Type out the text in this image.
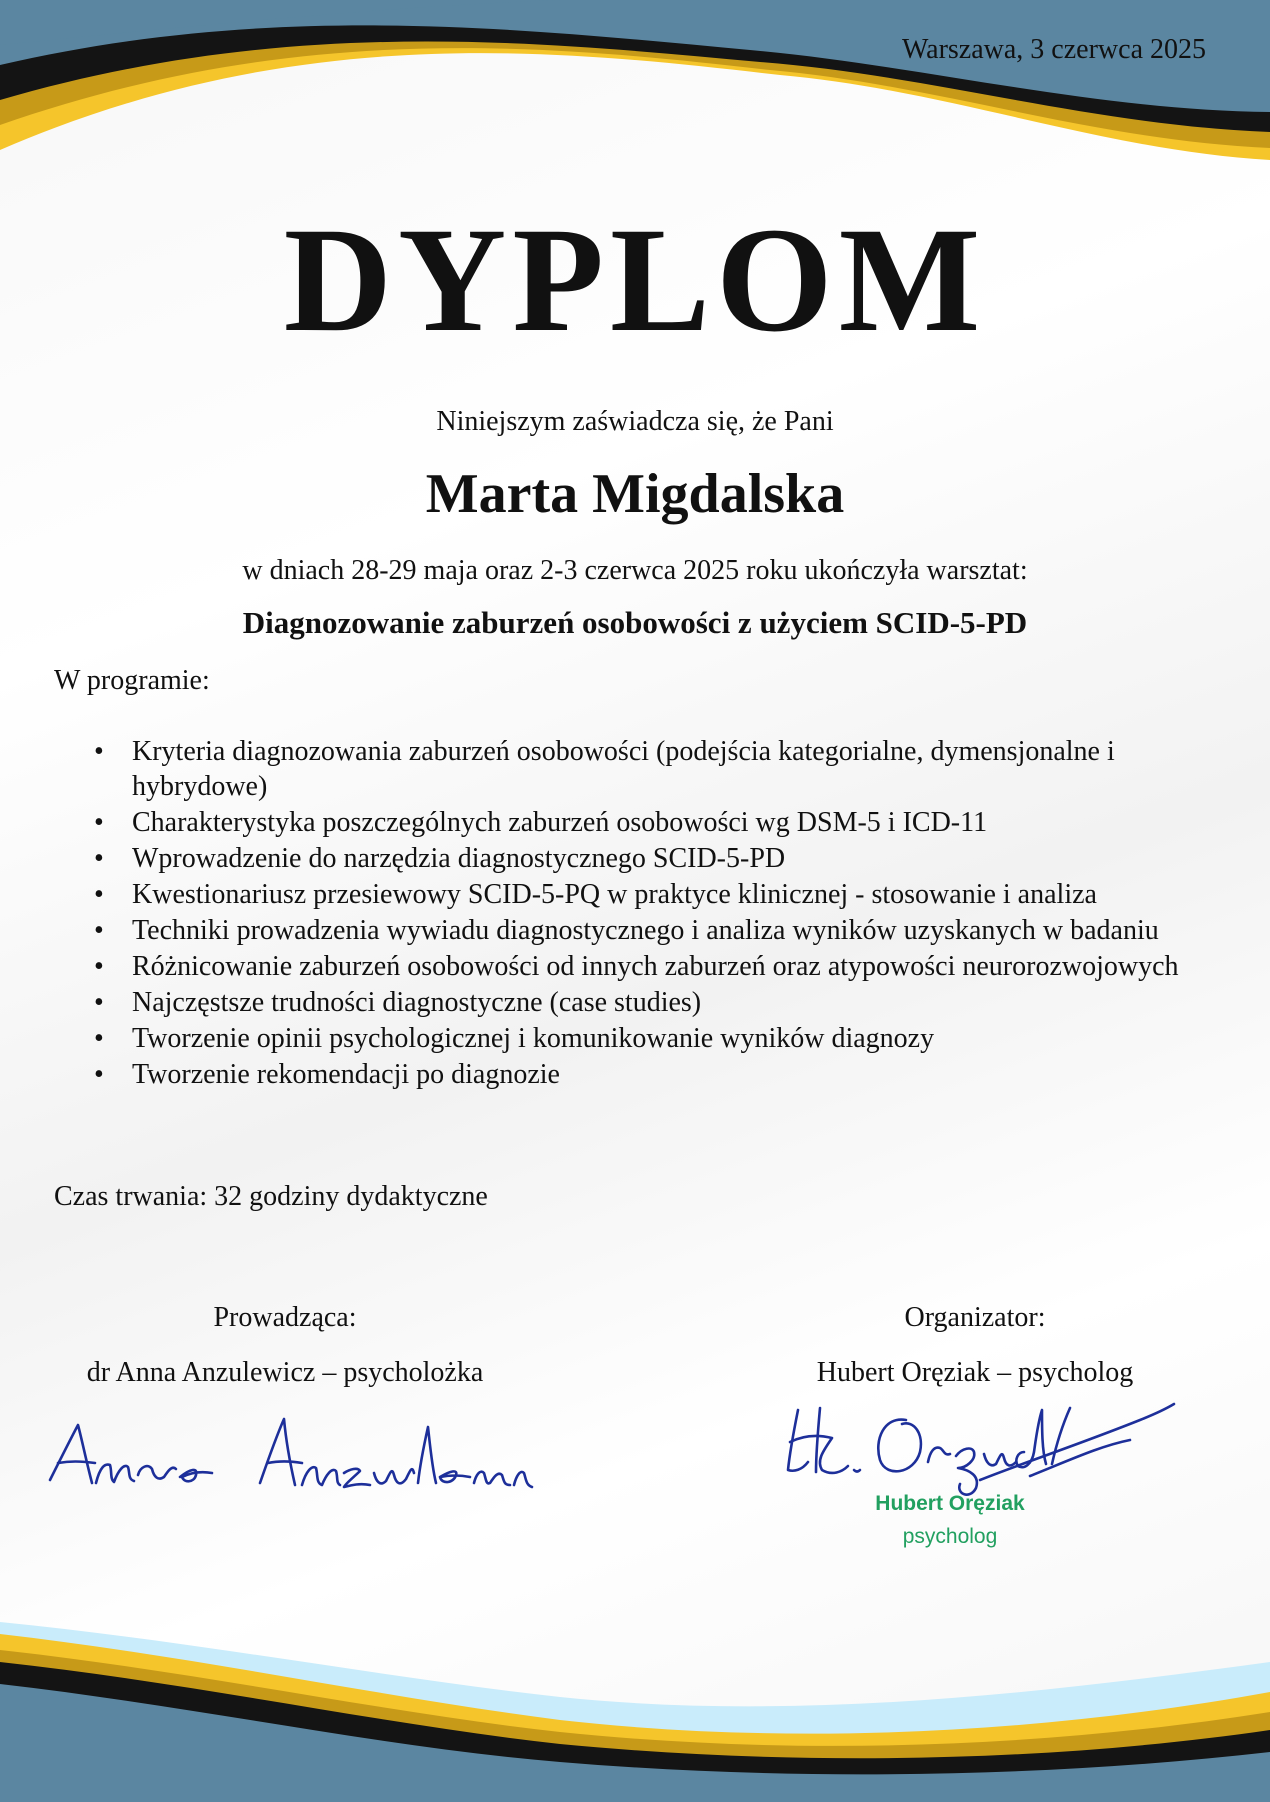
Warszawa, 3 czerwca 2025
DYPLOM
Niniejszym zaświadcza się, że Pani
Marta Migdalska
w dniach 28-29 maja oraz 2-3 czerwca 2025 roku ukończyła warsztat:
Diagnozowanie zaburzeń osobowości z użyciem SCID-5-PD
W programie:
• Kryteria diagnozowania zaburzeń osobowości (podejścia kategorialne, dymensjonalne i hybrydowe)
• Charakterystyka poszczególnych zaburzeń osobowości wg DSM-5 i ICD-11
• Wprowadzenie do narzędzia diagnostycznego SCID-5-PD
• Kwestionariusz przesiewowy SCID-5-PQ w praktyce klinicznej - stosowanie i analiza
• Techniki prowadzenia wywiadu diagnostycznego i analiza wyników uzyskanych w badaniu
• Różnicowanie zaburzeń osobowości od innych zaburzeń oraz atypowości neurorozwojowych
• Najczęstsze trudności diagnostyczne (case studies)
• Tworzenie opinii psychologicznej i komunikowanie wyników diagnozy
• Tworzenie rekomendacji po diagnozie
Czas trwania: 32 godziny dydaktyczne
Prowadząca:
dr Anna Anzulewicz – psycholożka
Organizator:
Hubert Oręziak – psycholog
Hubert Oręziak
psycholog
